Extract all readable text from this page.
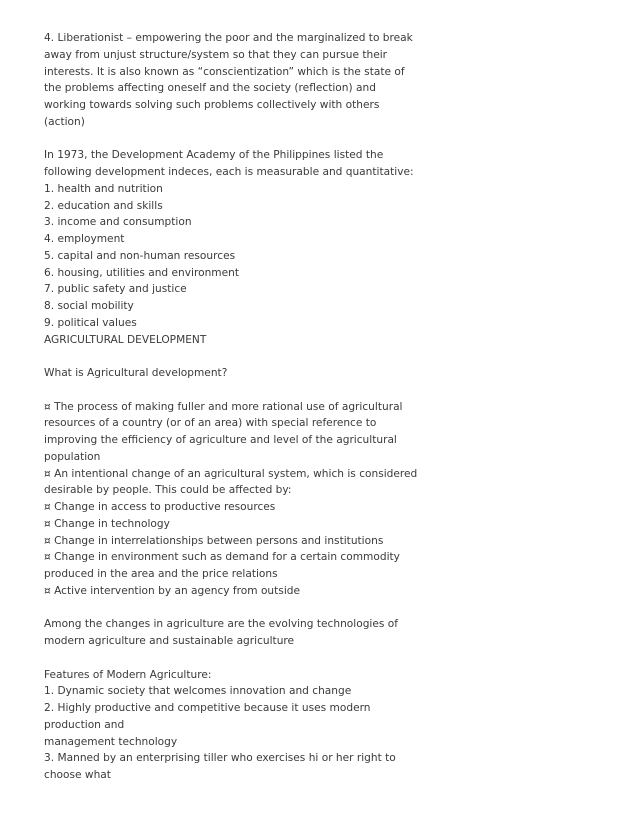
4. Liberationist – empowering the poor and the marginalized to break
away from unjust structure/system so that they can pursue their
interests. It is also known as “conscientization” which is the state of
the problems affecting oneself and the society (reflection) and
working towards solving such problems collectively with others
(action)
In 1973, the Development Academy of the Philippines listed the
following development indeces, each is measurable and quantitative:
1. health and nutrition
2. education and skills
3. income and consumption
4. employment
5. capital and non-human resources
6. housing, utilities and environment
7. public safety and justice
8. social mobility
9. political values
AGRICULTURAL DEVELOPMENT
What is Agricultural development?
¤ The process of making fuller and more rational use of agricultural
resources of a country (or of an area) with special reference to
improving the efficiency of agriculture and level of the agricultural
population
¤ An intentional change of an agricultural system, which is considered
desirable by people. This could be affected by:
¤ Change in access to productive resources
¤ Change in technology
¤ Change in interrelationships between persons and institutions
¤ Change in environment such as demand for a certain commodity
produced in the area and the price relations
¤ Active intervention by an agency from outside
Among the changes in agriculture are the evolving technologies of
modern agriculture and sustainable agriculture
Features of Modern Agriculture:
1. Dynamic society that welcomes innovation and change
2. Highly productive and competitive because it uses modern
production and
management technology
3. Manned by an enterprising tiller who exercises hi or her right to
choose what
